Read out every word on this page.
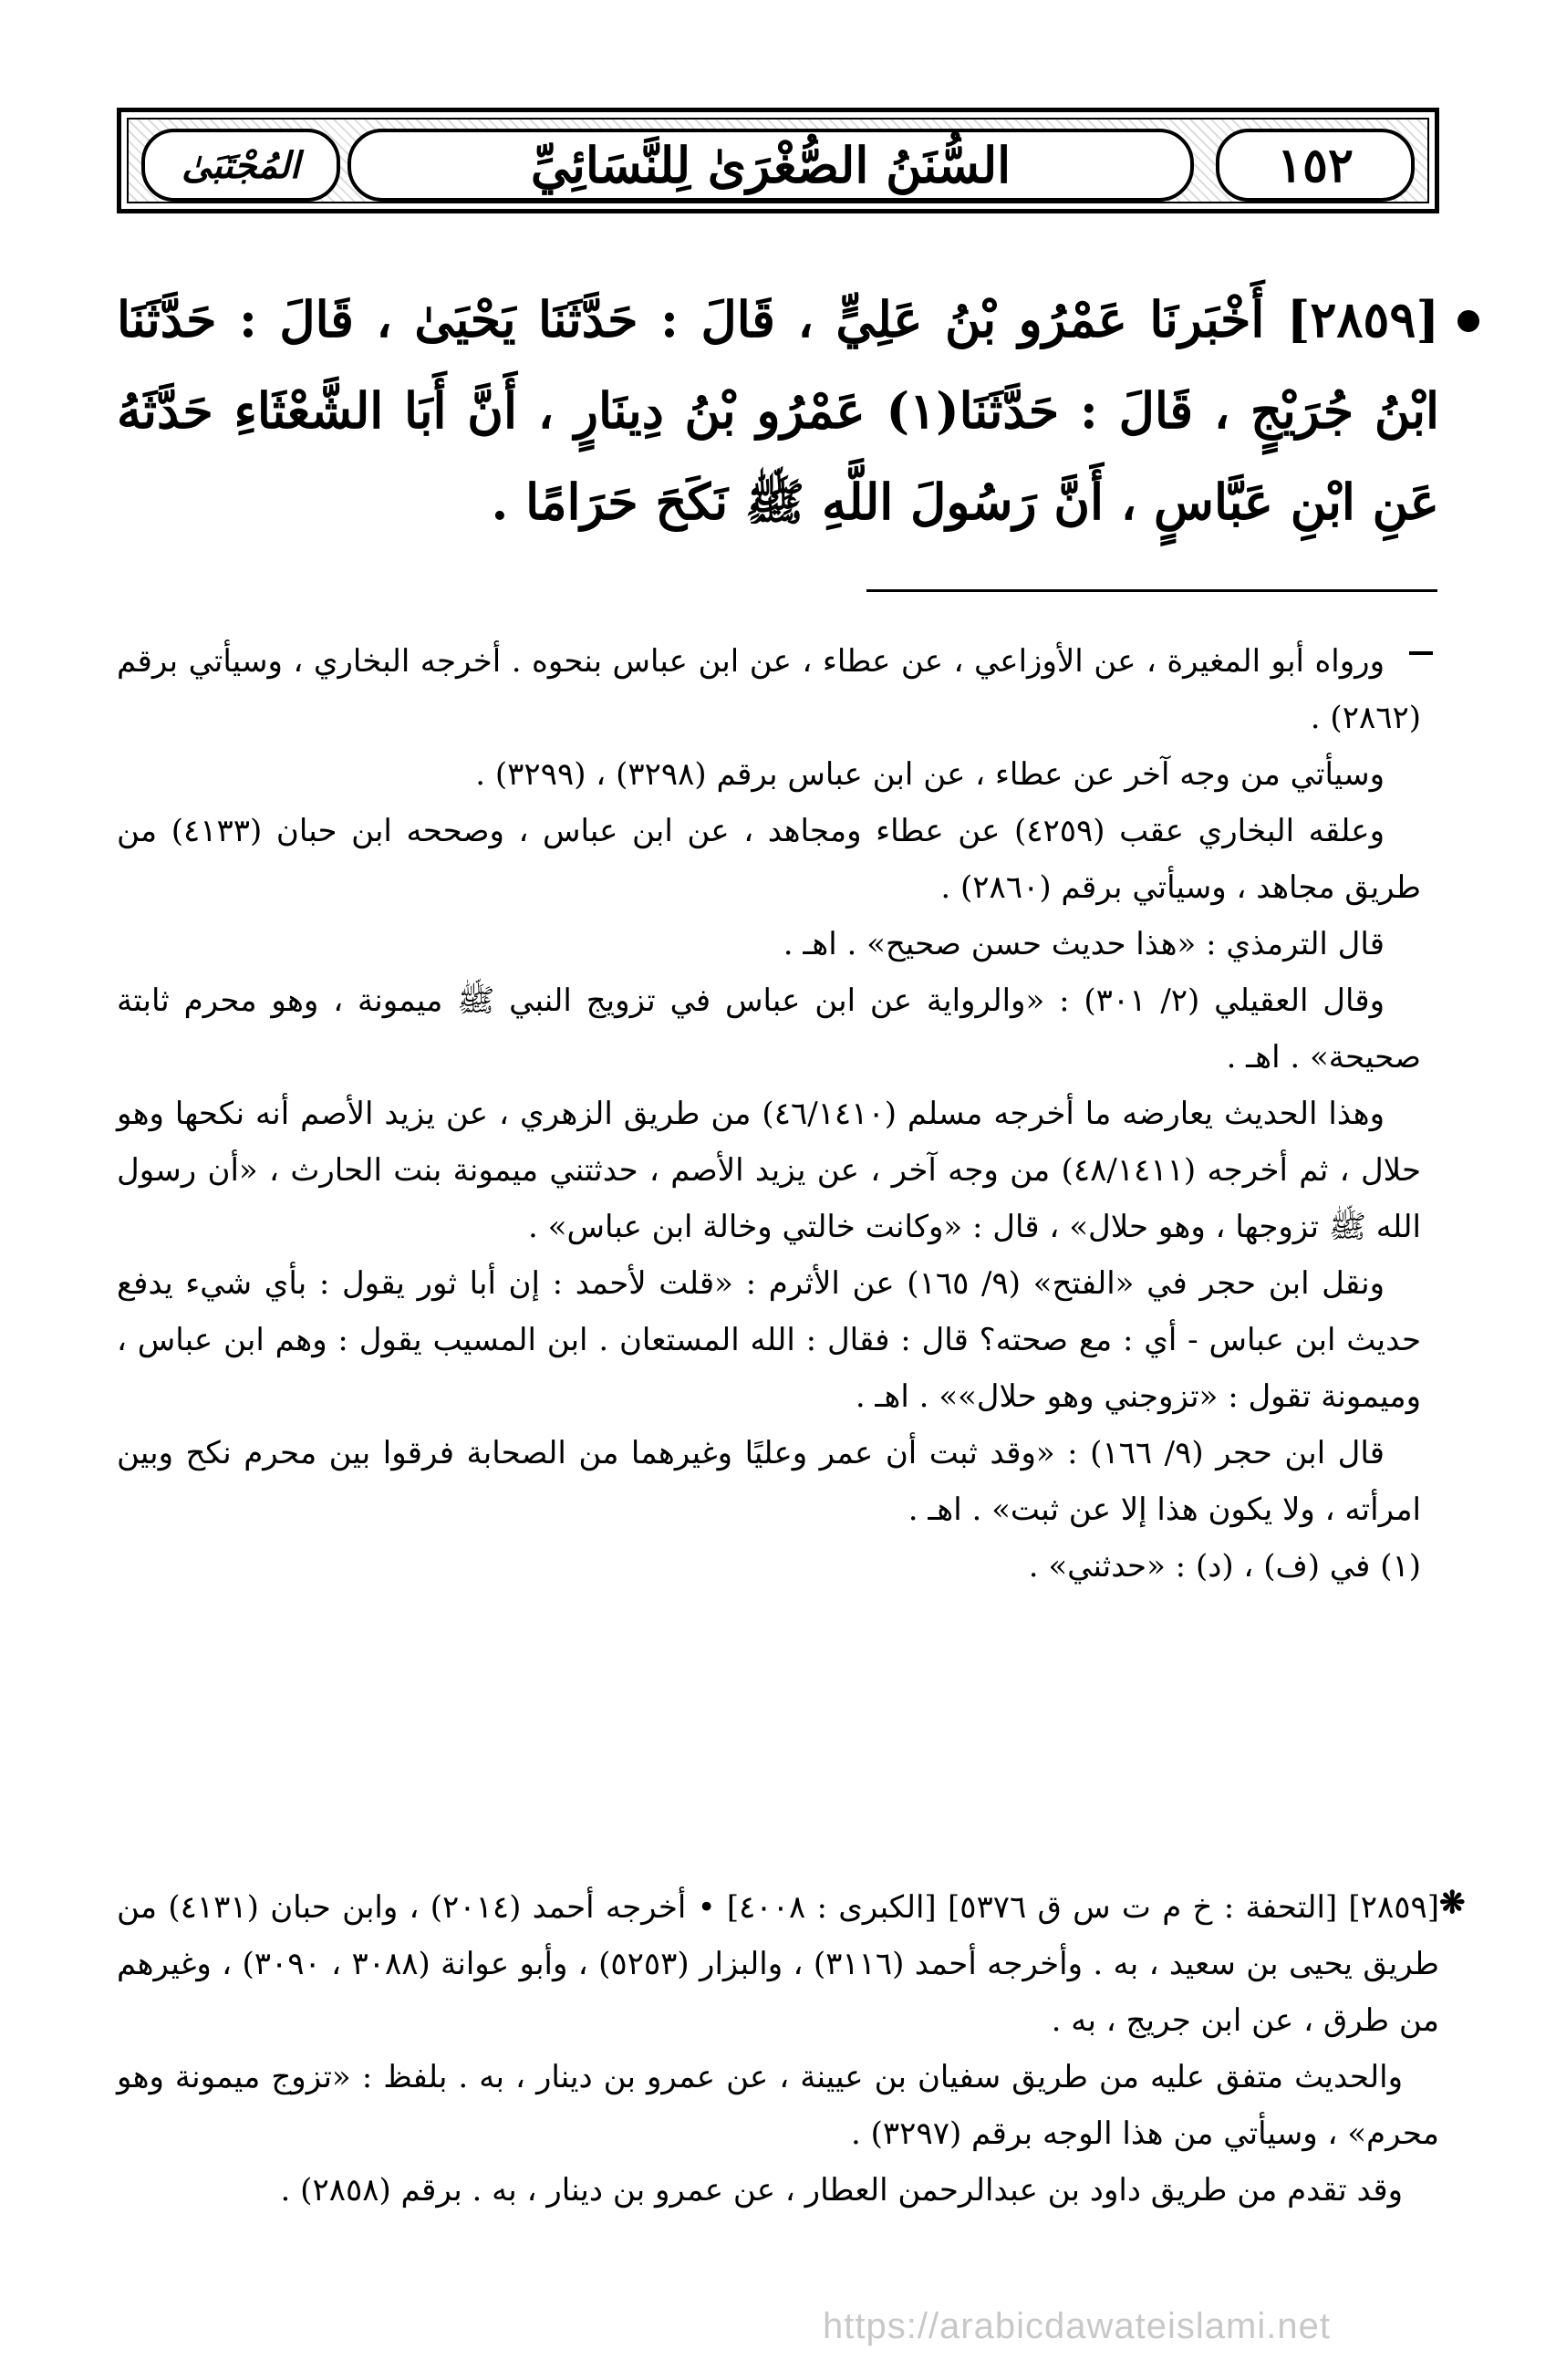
المُجْتَبَىٰ	السُّنَنُ الصُّغْرَىٰ لِلنَّسَائِيِّ	١٥٢
[٢٨٥٩] أَخْبَرنَا عَمْرُو بْنُ عَلِيٍّ ، قَالَ : حَدَّثَنَا يَحْيَىٰ ، قَالَ : حَدَّثَنَا ابْنُ جُرَيْجٍ ، قَالَ : حَدَّثَنَا(١) عَمْرُو بْنُ دِينَارٍ ، أَنَّ أَبَا الشَّعْثَاءِ حَدَّثَهُ عَنِ ابْنِ عَبَّاسٍ ، أَنَّ رَسُولَ اللَّهِ ﷺ نَكَحَ حَرَامًا .

ورواه أبو المغيرة ، عن الأوزاعي ، عن عطاء ، عن ابن عباس بنحوه . أخرجه البخاري ، وسيأتي برقم (٢٨٦٢) .

وسيأتي من وجه آخر عن عطاء ، عن ابن عباس برقم (٣٢٩٨) ، (٣٢٩٩) .

وعلقه البخاري عقب (٤٢٥٩) عن عطاء ومجاهد ، عن ابن عباس ، وصححه ابن حبان (٤١٣٣) من طريق مجاهد ، وسيأتي برقم (٢٨٦٠) .

قال الترمذي : «هذا حديث حسن صحيح» . اهـ .

وقال العقيلي (٢/ ٣٠١) : «والرواية عن ابن عباس في تزويج النبي ﷺ ميمونة ، وهو محرم ثابتة صحيحة» . اهـ .

وهذا الحديث يعارضه ما أخرجه مسلم (٤٦/١٤١٠) من طريق الزهري ، عن يزيد الأصم أنه نكحها وهو حلال ، ثم أخرجه (٤٨/١٤١١) من وجه آخر ، عن يزيد الأصم ، حدثتني ميمونة بنت الحارث ، «أن رسول الله ﷺ تزوجها ، وهو حلال» ، قال : «وكانت خالتي وخالة ابن عباس» .

ونقل ابن حجر في «الفتح» (٩/ ١٦٥) عن الأثرم : «قلت لأحمد : إن أبا ثور يقول : بأي شيء يدفع حديث ابن عباس - أي : مع صحته؟ قال : فقال : الله المستعان . ابن المسيب يقول : وهم ابن عباس ، وميمونة تقول : «تزوجني وهو حلال»» . اهـ .

قال ابن حجر (٩/ ١٦٦) : «وقد ثبت أن عمر وعليًا وغيرهما من الصحابة فرقوا بين محرم نكح وبين امرأته ، ولا يكون هذا إلا عن ثبت» . اهـ .

(١) في (ف) ، (د) : «حدثني» .

❋

[٢٨٥٩] [التحفة : خ م ت س ق ٥٣٧٦] [الكبرى : ٤٠٠٨] • أخرجه أحمد (٢٠١٤) ، وابن حبان (٤١٣١) من طريق يحيى بن سعيد ، به . وأخرجه أحمد (٣١١٦) ، والبزار (٥٢٥٣) ، وأبو عوانة (٣٠٨٨ ، ٣٠٩٠) ، وغيرهم من طرق ، عن ابن جريج ، به .

والحديث متفق عليه من طريق سفيان بن عيينة ، عن عمرو بن دينار ، به . بلفظ : «تزوج ميمونة وهو محرم» ، وسيأتي من هذا الوجه برقم (٣٢٩٧) .

وقد تقدم من طريق داود بن عبدالرحمن العطار ، عن عمرو بن دينار ، به . برقم (٢٨٥٨) .

https://arabicdawateislami.net
